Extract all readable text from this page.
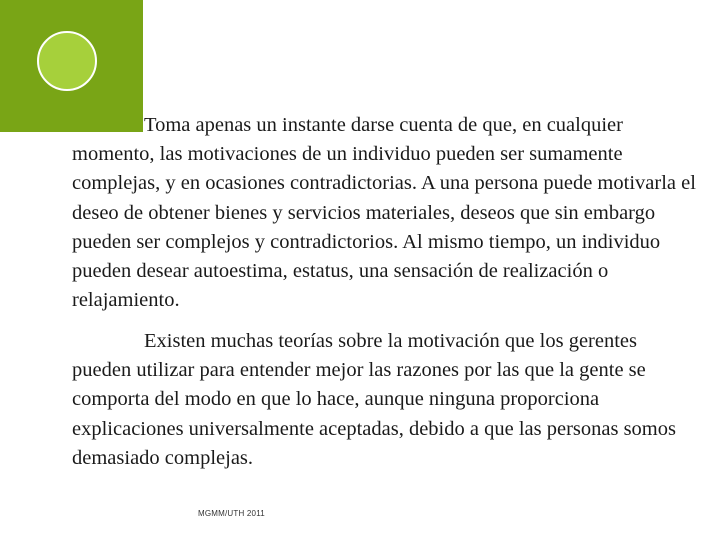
Toma apenas un instante darse cuenta de que, en cualquier momento, las motivaciones de un individuo pueden ser sumamente complejas, y en ocasiones contradictorias. A una persona puede motivarla el deseo de obtener bienes y servicios materiales, deseos que sin embargo pueden ser complejos y contradictorios. Al mismo tiempo, un individuo pueden desear autoestima, estatus, una sensación de realización o relajamiento.

Existen muchas teorías sobre la motivación que los gerentes pueden utilizar para entender mejor las razones por las que la gente se comporta del modo en que lo hace, aunque ninguna proporciona explicaciones universalmente aceptadas, debido a que las personas somos demasiado complejas.

MGMM/UTH 2011
